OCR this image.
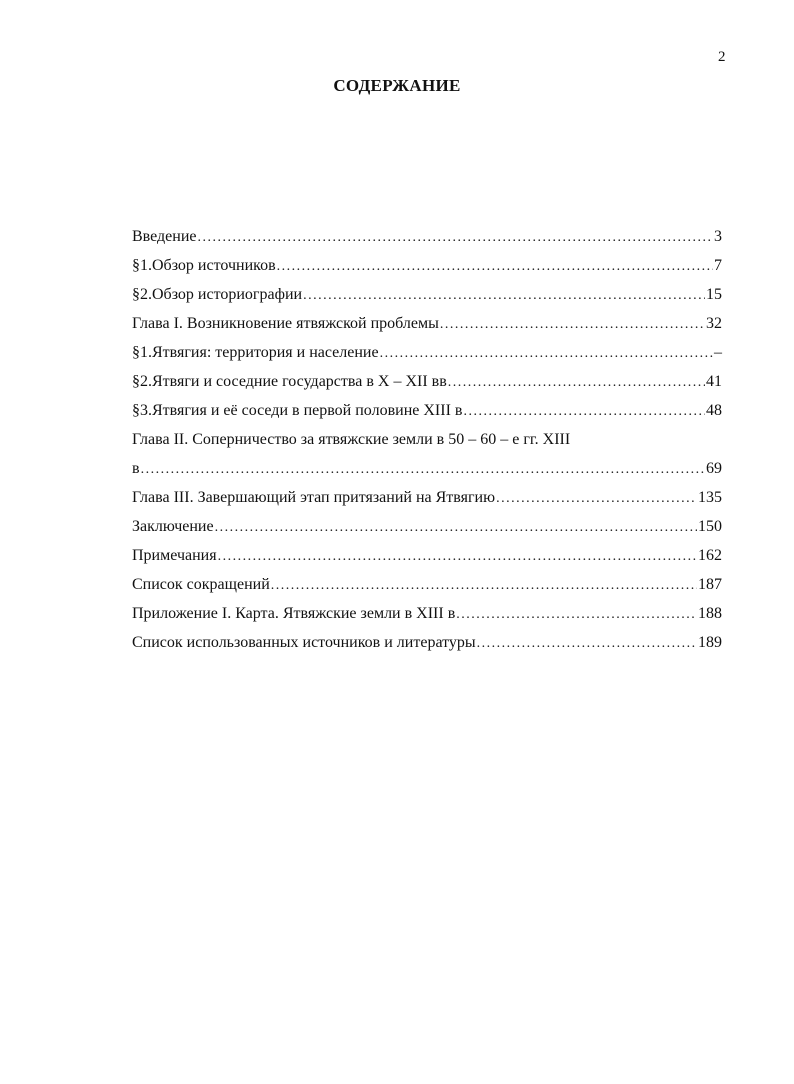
2
СОДЕРЖАНИЕ
Введение .....	3
§1.Обзор источников .....	7
§2.Обзор историографии .....	15
Глава I. Возникновение ятвяжской проблемы .....	32
§1.Ятвягия: территория и население .....	–
§2.Ятвяги и соседние государства в X – XII вв .....	41
§3.Ятвягия и её соседи в первой половине XIII в .....	48
Глава II. Соперничество за ятвяжские земли в 50 – 60 – е гг. XIII
в .....	69
Глава III. Завершающий этап притязаний на Ятвягию .....	135
Заключение .....	150
Примечания .....	162
Список сокращений .....	187
Приложение I. Карта. Ятвяжские земли в XIII в .....	188
Список использованных источников и литературы .....	189
